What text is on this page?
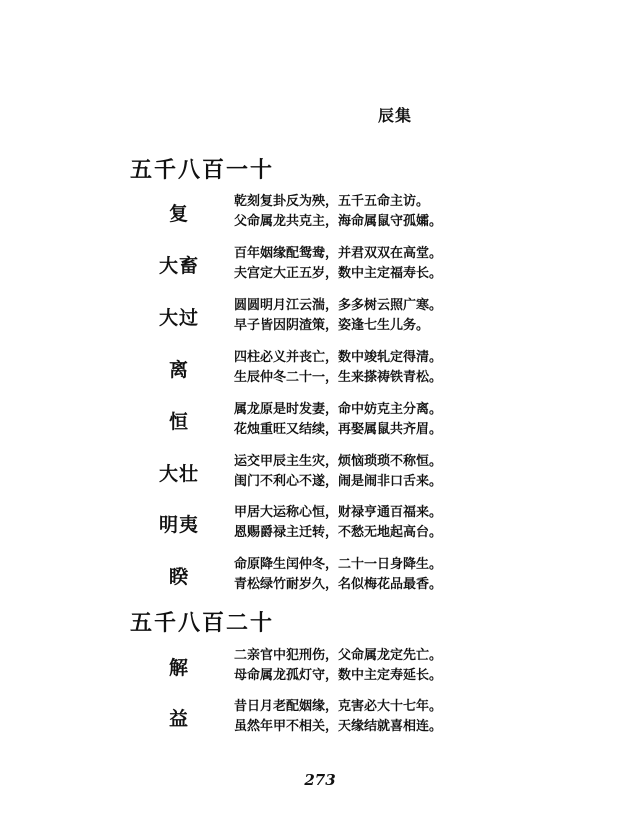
辰集
五千八百一十
复
乾刻复卦反为殃，五千五命主访。
父命属龙共克主，海命属鼠守孤孀。
大畜
百年姻缘配鸳鸯，并君双双在高堂。
夫宫定大正五岁，数中主定福寿长。
大过
圆圆明月江云湍，多多树云照广寒。
早子皆因阴渣策，姿逢七生儿务。
离
四柱必义并丧亡，数中竣轧定得清。
生辰仲冬二十一，生来搽祷铁青松。
恒
属龙原是时发妻，命中妨克主分离。
花烛重旺又结续，再娶属鼠共齐眉。
大壮
运交甲辰主生灾，烦恼琐琐不称恒。
闺门不利心不遂，闹是闹非口舌来。
明夷
甲居大运称心恒，财禄亨通百福来。
恩赐爵禄主迁转，不愁无地起高台。
睽
命原降生闰仲冬，二十一日身降生。
青松绿竹耐岁久，名似梅花品最香。
五千八百二十
解
二亲官中犯刑伤，父命属龙定先亡。
母命属龙孤灯守，数中主定寿延长。
益
昔日月老配姻缘，克害必大十七年。
虽然年甲不相关，天缘结就喜相连。
273
